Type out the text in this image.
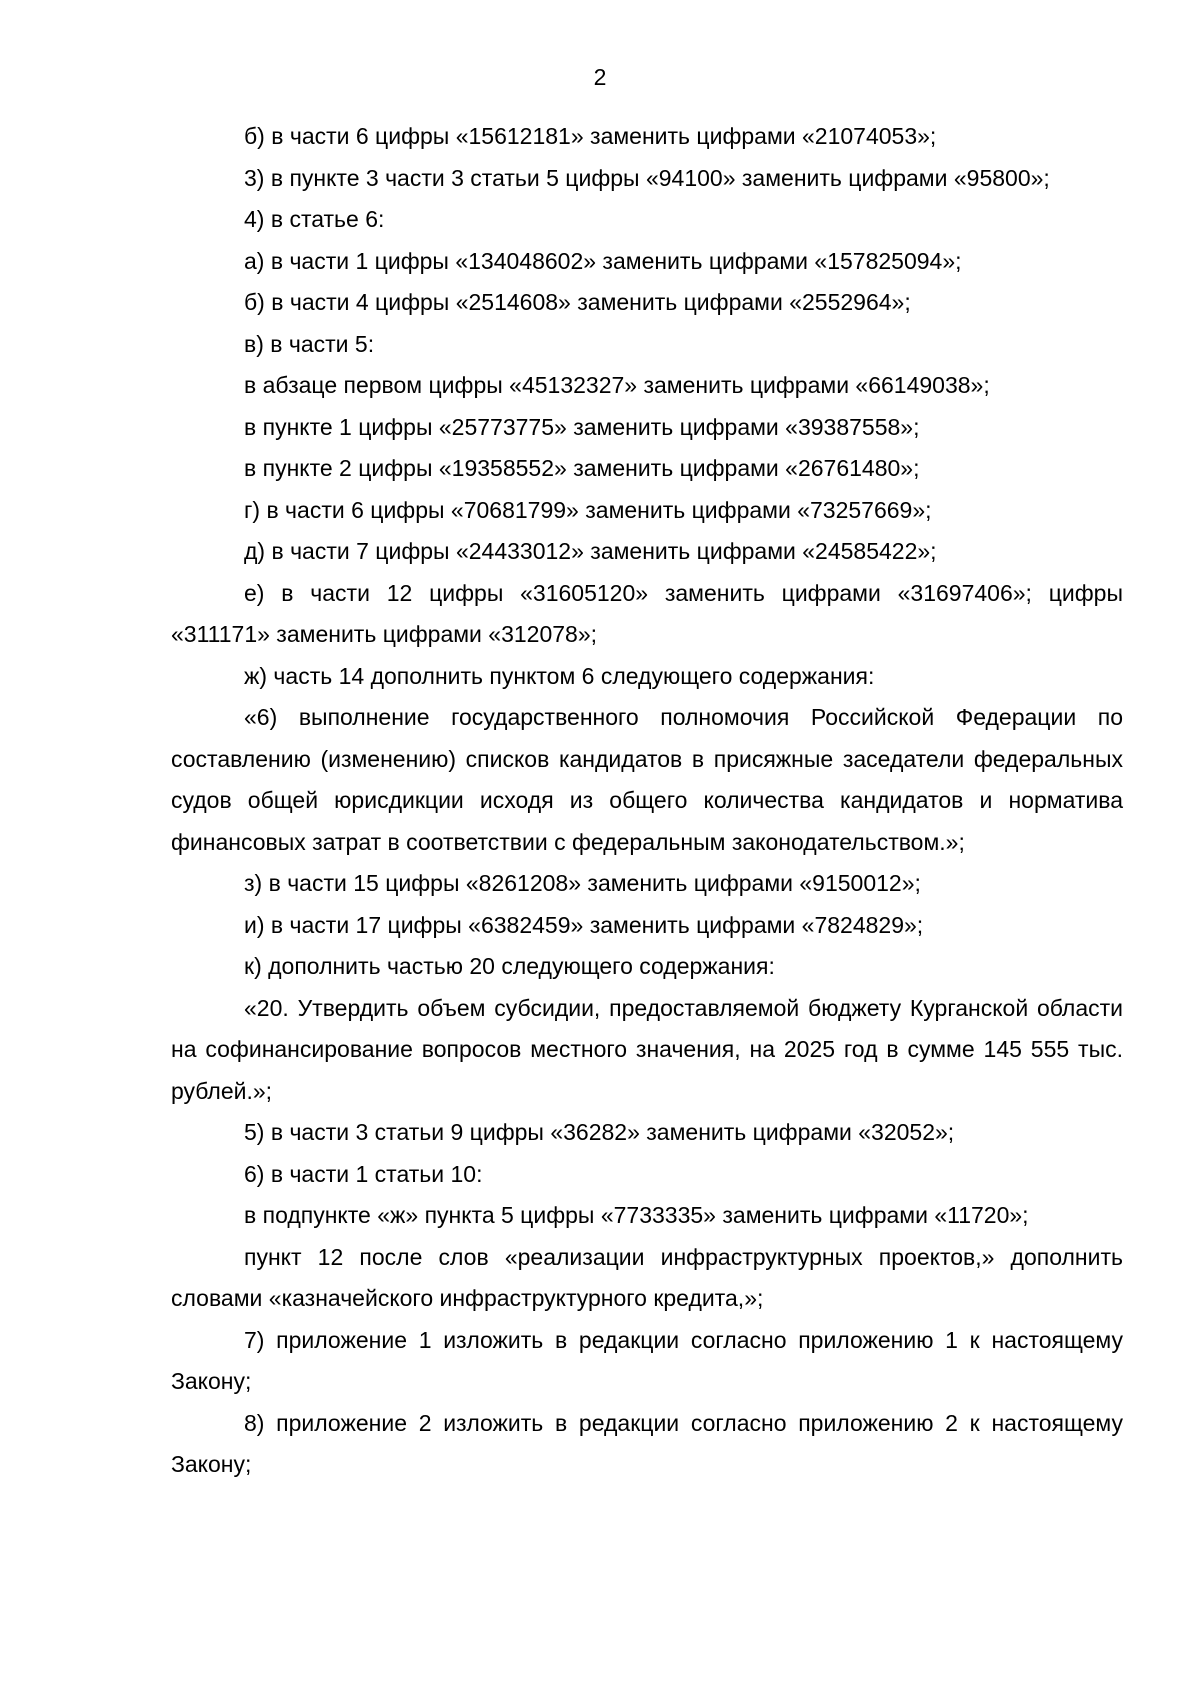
2

б) в части 6 цифры «15612181» заменить цифрами «21074053»;

3) в пункте 3 части 3 статьи 5 цифры «94100» заменить цифрами «95800»;

4) в статье 6:

а) в части 1 цифры «134048602» заменить цифрами «157825094»;

б) в части 4 цифры «2514608» заменить цифрами «2552964»;

в) в части 5:

в абзаце первом цифры «45132327» заменить цифрами «66149038»;

в пункте 1 цифры «25773775» заменить цифрами «39387558»;

в пункте 2 цифры «19358552» заменить цифрами «26761480»;

г) в части 6 цифры «70681799» заменить цифрами «73257669»;

д) в части 7 цифры «24433012» заменить цифрами «24585422»;

е) в части 12 цифры «31605120» заменить цифрами «31697406»; цифры «311171» заменить цифрами «312078»;

ж) часть 14 дополнить пунктом 6 следующего содержания:

«6) выполнение государственного полномочия Российской Федерации по составлению (изменению) списков кандидатов в присяжные заседатели федеральных судов общей юрисдикции исходя из общего количества кандидатов и норматива финансовых затрат в соответствии с федеральным законодательством.»;

з) в части 15 цифры «8261208» заменить цифрами «9150012»;

и) в части 17 цифры «6382459» заменить цифрами «7824829»;

к) дополнить частью 20 следующего содержания:

«20. Утвердить объем субсидии, предоставляемой бюджету Курганской области на софинансирование вопросов местного значения, на 2025 год в сумме 145 555 тыс. рублей.»;

5) в части 3 статьи 9 цифры «36282» заменить цифрами «32052»;

6) в части 1 статьи 10:

в подпункте «ж» пункта 5 цифры «7733335» заменить цифрами «11720»;

пункт 12 после слов «реализации инфраструктурных проектов,» дополнить словами «казначейского инфраструктурного кредита,»;

7) приложение 1 изложить в редакции согласно приложению 1 к настоящему Закону;

8) приложение 2 изложить в редакции согласно приложению 2 к настоящему Закону;
